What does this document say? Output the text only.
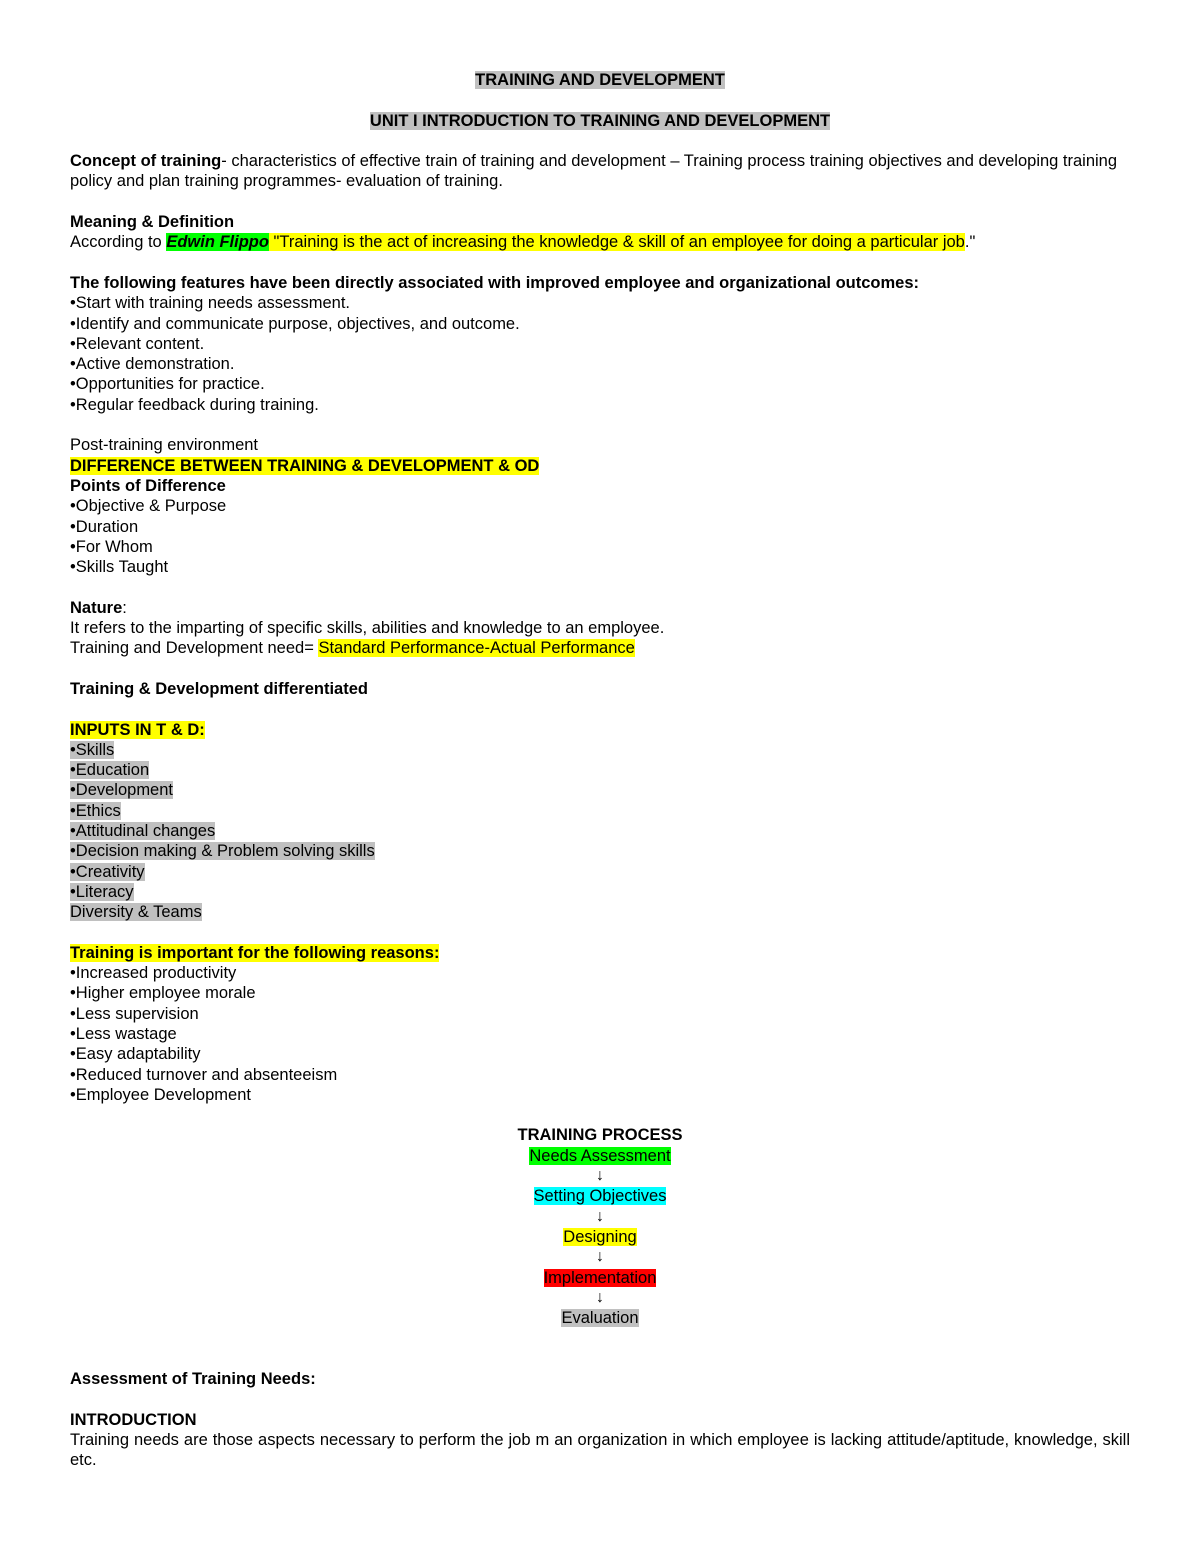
TRAINING AND DEVELOPMENT
UNIT I INTRODUCTION TO TRAINING AND DEVELOPMENT
Concept of training- characteristics of effective train of training and development – Training process training objectives and developing training policy and plan training programmes- evaluation of training.
Meaning & Definition
According to Edwin Flippo "Training is the act of increasing the knowledge & skill of an employee for doing a particular job."
The following features have been directly associated with improved employee and organizational outcomes:
•Start with training needs assessment.
•Identify and communicate purpose, objectives, and outcome.
•Relevant content.
•Active demonstration.
•Opportunities for practice.
•Regular feedback during training.
Post-training environment
DIFFERENCE BETWEEN TRAINING & DEVELOPMENT & OD
Points of Difference
•Objective & Purpose
•Duration
•For Whom
•Skills Taught
Nature:
It refers to the imparting of specific skills, abilities and knowledge to an employee.
Training and Development need= Standard Performance-Actual Performance
Training & Development differentiated
INPUTS IN T & D:
•Skills
•Education
•Development
•Ethics
•Attitudinal changes
•Decision making & Problem solving skills
•Creativity
•Literacy
Diversity & Teams
Training is important for the following reasons:
•Increased productivity
•Higher employee morale
•Less supervision
•Less wastage
•Easy adaptability
•Reduced turnover and absenteeism
•Employee Development
TRAINING PROCESS
Needs Assessment
↓
Setting Objectives
↓
Designing
↓
Implementation
↓
Evaluation
Assessment of Training Needs:
INTRODUCTION
Training needs are those aspects necessary to perform the job m an organization in which employee is lacking attitude/aptitude, knowledge, skill etc.
